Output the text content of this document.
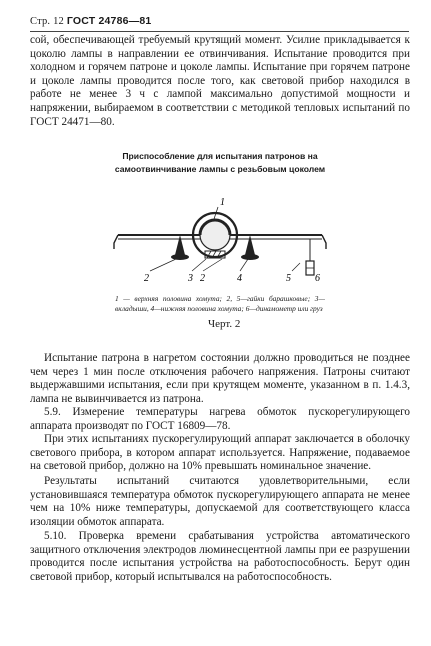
Стр. 12 ГОСТ 24786—81
сой, обеспечивающей требуемый крутящий момент. Усилие прикладывается к цоколю лампы в направлении ее отвинчивания. Испытание проводится при холодном и горячем патроне и цоколе лампы. Испытание при горячем патроне и цоколе лампы проводится после того, как световой прибор находился в работе не менее 3 ч с лампой максимально допустимой мощности и напряжении, выбираемом в соответствии с методикой тепловых испытаний по ГОСТ 24471—80.
Приспособление для испытания патронов на самоотвинчивание лампы с резьбовым цоколем
1
2	3 2	4	5 6
1 — верхняя половина хомута; 2, 5—гайки барашковые; 3—вкладыши, 4—нижняя половина хомута; 6—динамометр или груз
Черт. 2
Испытание патрона в нагретом состоянии должно проводиться не позднее чем через 1 мин после отключения рабочего напряжения. Патроны считают выдержавшими испытания, если при крутящем моменте, указанном в п. 1.4.3, лампа не вывинчивается из патрона.
5.9. Измерение температуры нагрева обмоток пускорегулирующего аппарата производят по ГОСТ 16809—78.
При этих испытаниях пускорегулирующий аппарат заключается в оболочку светового прибора, в котором аппарат используется. Напряжение, подаваемое на световой прибор, должно на 10% превышать номинальное значение.
Результаты испытаний считаются удовлетворительными, если установившаяся температура обмоток пускорегулирующего аппарата не менее чем на 10% ниже температуры, допускаемой для соответствующего класса изоляции обмоток аппарата.
5.10. Проверка времени срабатывания устройства автоматического защитного отключения электродов люминесцентной лампы при ее разрушении проводится после испытания устройства на работоспособность. Берут один световой прибор, который испытывался на работоспособность.
